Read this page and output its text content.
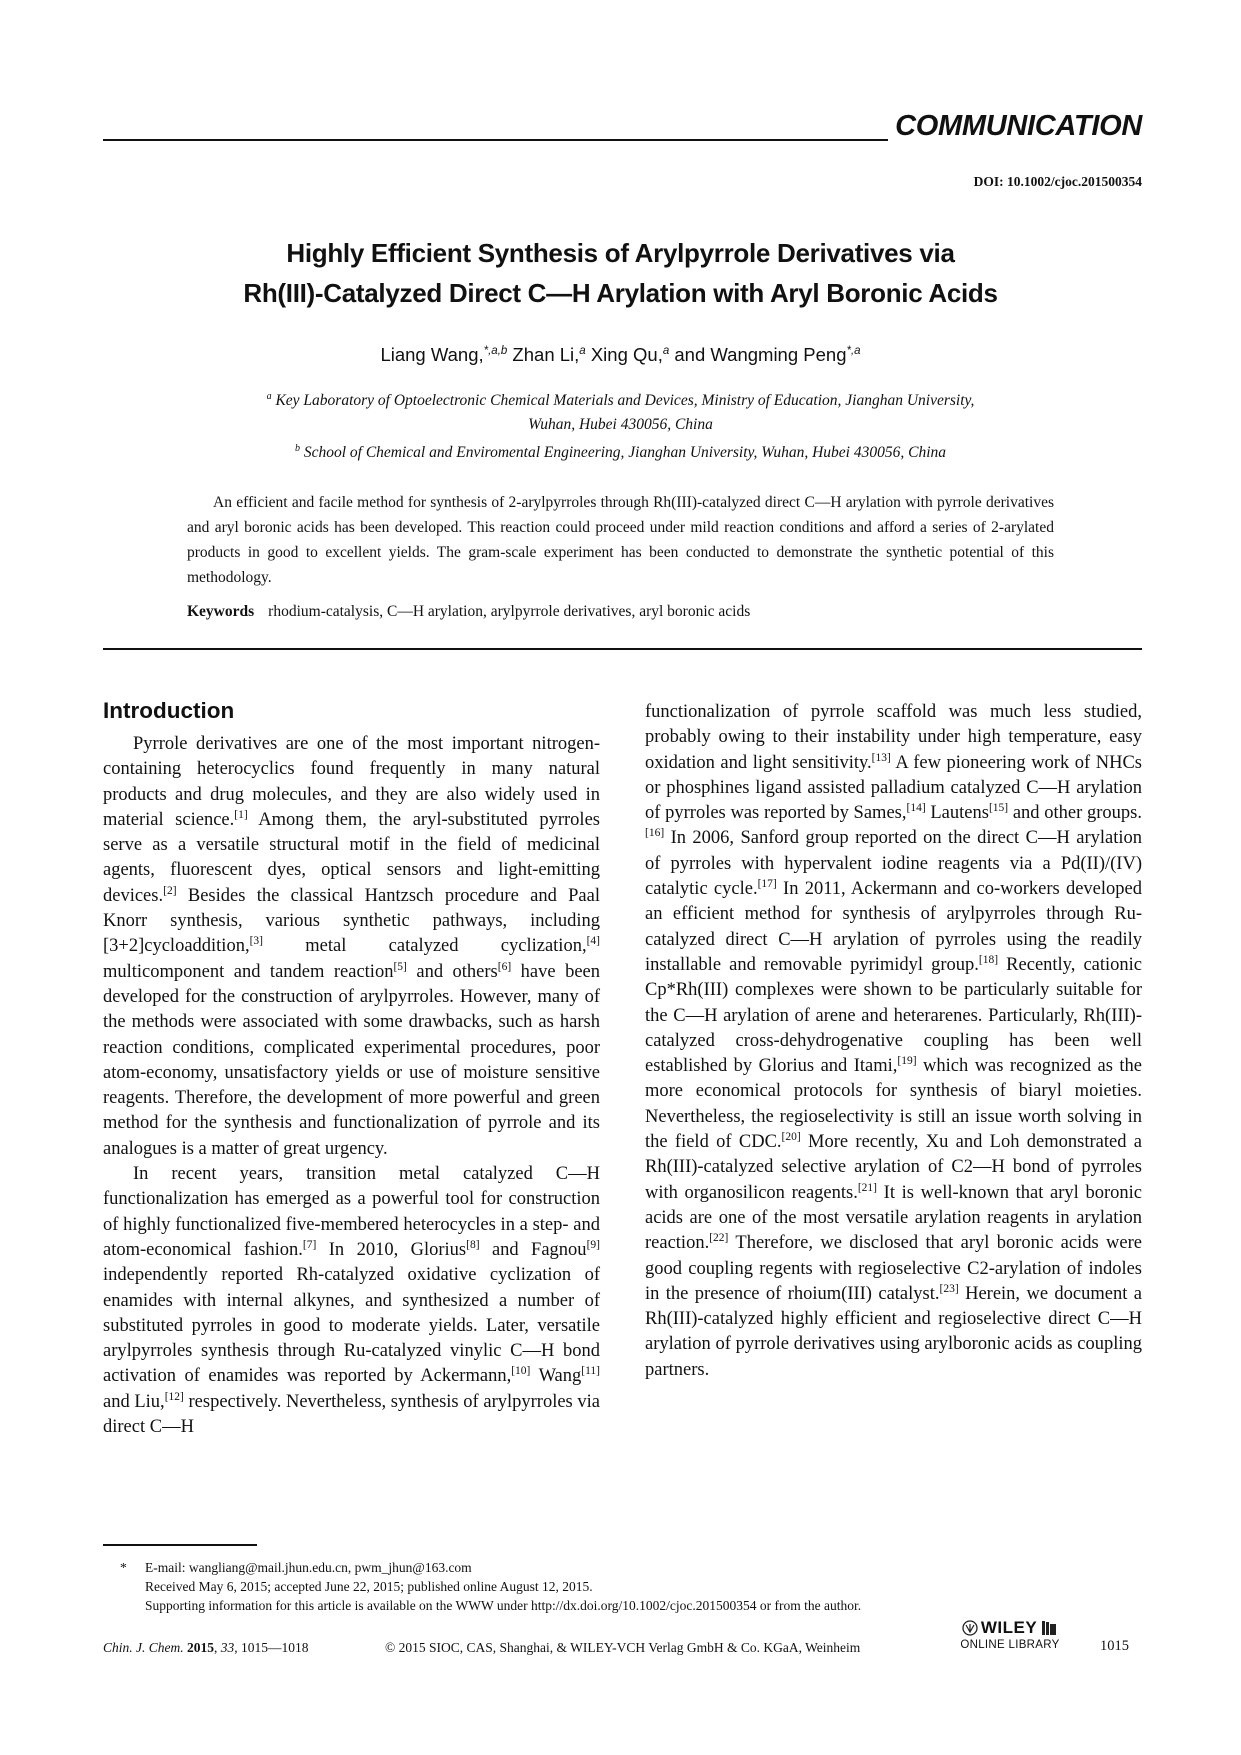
COMMUNICATION
DOI: 10.1002/cjoc.201500354
Highly Efficient Synthesis of Arylpyrrole Derivatives via
Rh(III)-Catalyzed Direct C—H Arylation with Aryl Boronic Acids
Liang Wang,$^{*,a,b}$ Zhan Li,$^a$ Xing Qu,$^a$ and Wangming Peng$^{*,a}$
$^a$ Key Laboratory of Optoelectronic Chemical Materials and Devices, Ministry of Education, Jianghan University,
Wuhan, Hubei 430056, China
$^b$ School of Chemical and Enviromental Engineering, Jianghan University, Wuhan, Hubei 430056, China
An efficient and facile method for synthesis of 2-arylpyrroles through Rh(III)-catalyzed direct C—H arylation with pyrrole derivatives and aryl boronic acids has been developed. This reaction could proceed under mild reaction conditions and afford a series of 2-arylated products in good to excellent yields. The gram-scale experiment has been conducted to demonstrate the synthetic potential of this methodology.
Keywords rhodium-catalysis, C—H arylation, arylpyrrole derivatives, aryl boronic acids
Introduction

Pyrrole derivatives are one of the most important nitrogen-containing heterocyclics found frequently in many natural products and drug molecules, and they are also widely used in material science.[1] Among them, the aryl-substituted pyrroles serve as a versatile structural motif in the field of medicinal agents, fluorescent dyes, optical sensors and light-emitting devices.[2] Besides the classical Hantzsch procedure and Paal Knorr synthesis, various synthetic pathways, including [3+2]cycloaddition,[3] metal catalyzed cyclization,[4] multicomponent and tandem reaction[5] and others[6] have been developed for the construction of arylpyrroles. However, many of the methods were associated with some drawbacks, such as harsh reaction conditions, complicated experimental procedures, poor atom-economy, unsatisfactory yields or use of moisture sensitive reagents. Therefore, the development of more powerful and green method for the synthesis and functionalization of pyrrole and its analogues is a matter of great urgency.

In recent years, transition metal catalyzed C—H functionalization has emerged as a powerful tool for construction of highly functionalized five-membered heterocycles in a step- and atom-economical fashion.[7] In 2010, Glorius[8] and Fagnou[9] independently reported Rh-catalyzed oxidative cyclization of enamides with internal alkynes, and synthesized a number of substituted pyrroles in good to moderate yields. Later, versatile arylpyrroles synthesis through Ru-catalyzed vinylic C—H bond activation of enamides was reported by Ackermann,[10] Wang[11] and Liu,[12] respectively. Nevertheless, synthesis of arylpyrroles via direct C—H

functionalization of pyrrole scaffold was much less studied, probably owing to their instability under high temperature, easy oxidation and light sensitivity.[13] A few pioneering work of NHCs or phosphines ligand assisted palladium catalyzed C—H arylation of pyrroles was reported by Sames,[14] Lautens[15] and other groups.[16] In 2006, Sanford group reported on the direct C—H arylation of pyrroles with hypervalent iodine reagents via a Pd(II)/(IV) catalytic cycle.[17] In 2011, Ackermann and co-workers developed an efficient method for synthesis of arylpyrroles through Ru-catalyzed direct C—H arylation of pyrroles using the readily installable and removable pyrimidyl group.[18] Recently, cationic Cp*Rh(III) complexes were shown to be particularly suitable for the C—H arylation of arene and heterarenes. Particularly, Rh(III)-catalyzed cross-dehydrogenative coupling has been well established by Glorius and Itami,[19] which was recognized as the more economical protocols for synthesis of biaryl moieties. Nevertheless, the regioselectivity is still an issue worth solving in the field of CDC.[20] More recently, Xu and Loh demonstrated a Rh(III)-catalyzed selective arylation of C2—H bond of pyrroles with organosilicon reagents.[21] It is well-known that aryl boronic acids are one of the most versatile arylation reagents in arylation reaction.[22] Therefore, we disclosed that aryl boronic acids were good coupling regents with regioselective C2-arylation of indoles in the presence of rhoium(III) catalyst.[23] Herein, we document a Rh(III)-catalyzed highly efficient and regioselective direct C—H arylation of pyrrole derivatives using arylboronic acids as coupling partners.

* E-mail: wangliang@mail.jhun.edu.cn, pwm_jhun@163.com
Received May 6, 2015; accepted June 22, 2015; published online August 12, 2015.
Supporting information for this article is available on the WWW under http://dx.doi.org/10.1002/cjoc.201500354 or from the author.
Chin. J. Chem. 2015, 33, 1015—1018	© 2015 SIOC, CAS, Shanghai, & WILEY-VCH Verlag GmbH & Co. KGaA, Weinheim
WILEY
ONLINE LIBRARY	1015
